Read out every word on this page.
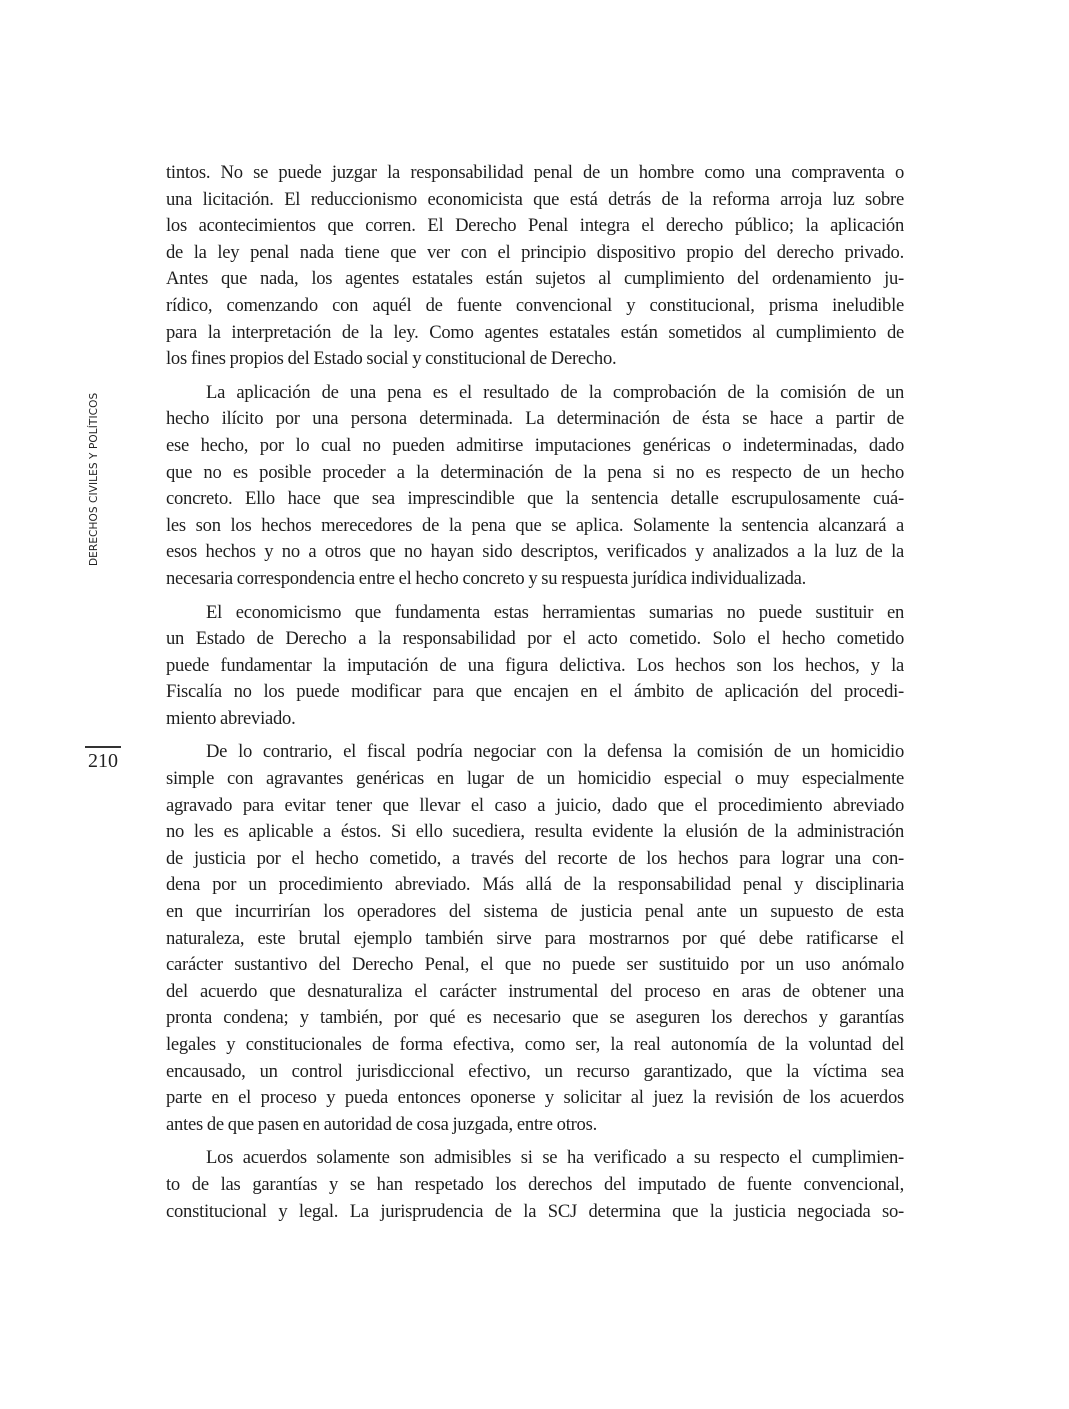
DERECHOS CIVILES Y POLÍTICOS
210
tintos. No se puede juzgar la responsabilidad penal de un hombre como una compraventa o
una licitación. El reduccionismo economicista que está detrás de la reforma arroja luz sobre
los acontecimientos que corren. El Derecho Penal integra el derecho público; la aplicación
de la ley penal nada tiene que ver con el principio dispositivo propio del derecho privado.
Antes que nada, los agentes estatales están sujetos al cumplimiento del ordenamiento ju-
rídico, comenzando con aquél de fuente convencional y constitucional, prisma ineludible
para la interpretación de la ley. Como agentes estatales están sometidos al cumplimiento de
los fines propios del Estado social y constitucional de Derecho.
La aplicación de una pena es el resultado de la comprobación de la comisión de un
hecho ilícito por una persona determinada. La determinación de ésta se hace a partir de
ese hecho, por lo cual no pueden admitirse imputaciones genéricas o indeterminadas, dado
que no es posible proceder a la determinación de la pena si no es respecto de un hecho
concreto. Ello hace que sea imprescindible que la sentencia detalle escrupulosamente cuá-
les son los hechos merecedores de la pena que se aplica. Solamente la sentencia alcanzará a
esos hechos y no a otros que no hayan sido descriptos, verificados y analizados a la luz de la
necesaria correspondencia entre el hecho concreto y su respuesta jurídica individualizada.
El economicismo que fundamenta estas herramientas sumarias no puede sustituir en
un Estado de Derecho a la responsabilidad por el acto cometido. Solo el hecho cometido
puede fundamentar la imputación de una figura delictiva. Los hechos son los hechos, y la
Fiscalía no los puede modificar para que encajen en el ámbito de aplicación del procedi-
miento abreviado.
De lo contrario, el fiscal podría negociar con la defensa la comisión de un homicidio
simple con agravantes genéricas en lugar de un homicidio especial o muy especialmente
agravado para evitar tener que llevar el caso a juicio, dado que el procedimiento abreviado
no les es aplicable a éstos. Si ello sucediera, resulta evidente la elusión de la administración
de justicia por el hecho cometido, a través del recorte de los hechos para lograr una con-
dena por un procedimiento abreviado. Más allá de la responsabilidad penal y disciplinaria
en que incurrirían los operadores del sistema de justicia penal ante un supuesto de esta
naturaleza, este brutal ejemplo también sirve para mostrarnos por qué debe ratificarse el
carácter sustantivo del Derecho Penal, el que no puede ser sustituido por un uso anómalo
del acuerdo que desnaturaliza el carácter instrumental del proceso en aras de obtener una
pronta condena; y también, por qué es necesario que se aseguren los derechos y garantías
legales y constitucionales de forma efectiva, como ser, la real autonomía de la voluntad del
encausado, un control jurisdiccional efectivo, un recurso garantizado, que la víctima sea
parte en el proceso y pueda entonces oponerse y solicitar al juez la revisión de los acuerdos
antes de que pasen en autoridad de cosa juzgada, entre otros.
Los acuerdos solamente son admisibles si se ha verificado a su respecto el cumplimien-
to de las garantías y se han respetado los derechos del imputado de fuente convencional,
constitucional y legal. La jurisprudencia de la SCJ determina que la justicia negociada so-
